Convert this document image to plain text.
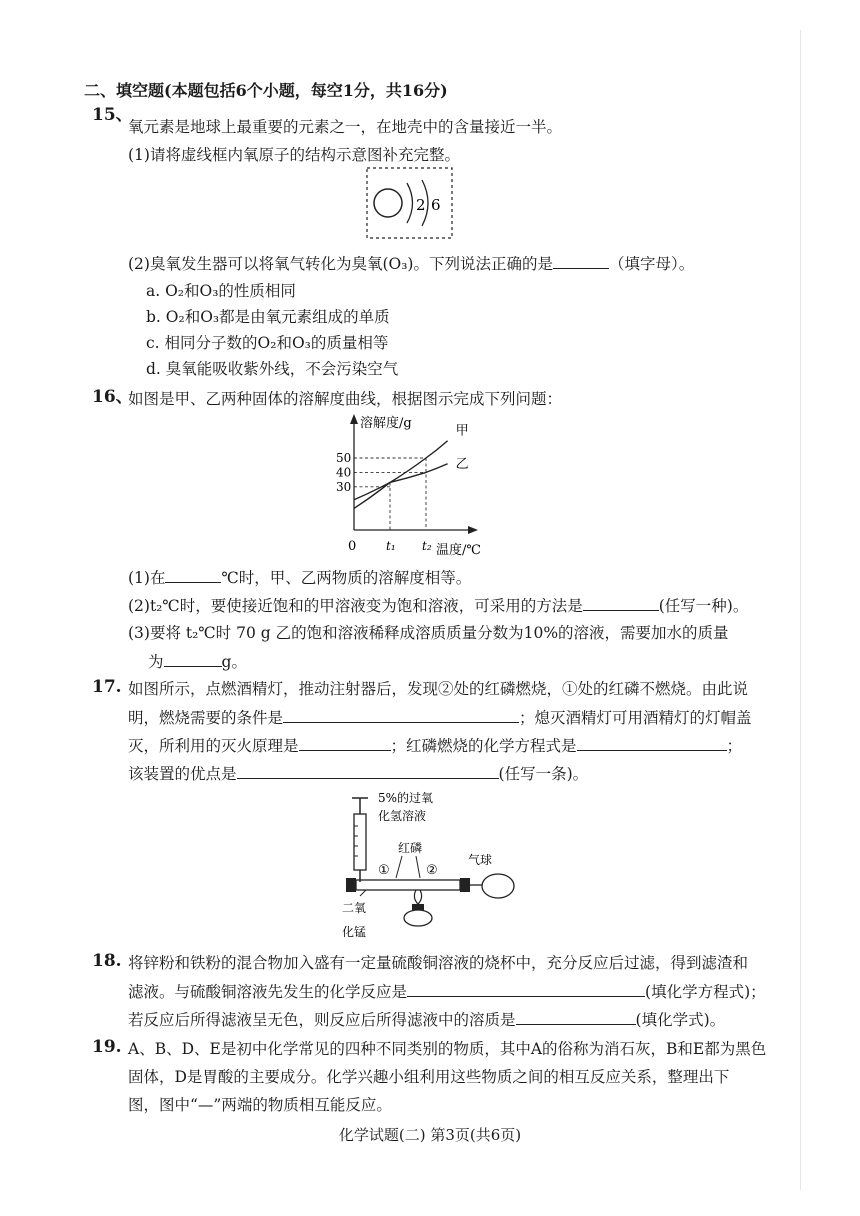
二、填空题(本题包括6个小题，每空1分，共16分)
15、
氧元素是地球上最重要的元素之一，在地壳中的含量接近一半。
(1)请将虚线框内氧原子的结构示意图补充完整。
2 6
(2)臭氧发生器可以将氧气转化为臭氧(O₃)。下列说法正确的是	（填字母）。
a. O₂和O₃的性质相同
b. O₂和O₃都是由氧元素组成的单质
c. 相同分子数的O₂和O₃的质量相等
d. 臭氧能吸收紫外线，不会污染空气
16、
如图是甲、乙两种固体的溶解度曲线，根据图示完成下列问题：
甲
乙
溶解度/g
温度/℃
0
30
40
50
t₁ t₂
(1)在	℃时，甲、乙两物质的溶解度相等。
(2)t₂℃时，要使接近饱和的甲溶液变为饱和溶液，可采用的方法是	(任写一种)。
(3)要将 t₂℃时 70 g 乙的饱和溶液稀释成溶质质量分数为10%的溶液，需要加水的质量
为	g。
17. 如图所示，点燃酒精灯，推动注射器后，发现②处的红磷燃烧，①处的红磷不燃烧。由此说
明，燃烧需要的条件是	；熄灭酒精灯可用酒精灯的灯帽盖
灭，所利用的灭火原理是	；红磷燃烧的化学方程式是	；
该装置的优点是	(任写一条)。
5%的过氧
化氢溶液
红磷
①	②
气球
二氧
化锰
18. 将锌粉和铁粉的混合物加入盛有一定量硫酸铜溶液的烧杯中，充分反应后过滤，得到滤渣和
滤液。与硫酸铜溶液先发生的化学反应是	(填化学方程式)；
若反应后所得滤液呈无色，则反应后所得滤液中的溶质是	(填化学式)。
19. A、B、D、E是初中化学常见的四种不同类别的物质，其中A的俗称为消石灰，B和E都为黑色
固体，D是胃酸的主要成分。化学兴趣小组利用这些物质之间的相互反应关系，整理出下
图，图中“—”两端的物质相互能反应。
化学试题(二) 第3页(共6页)
